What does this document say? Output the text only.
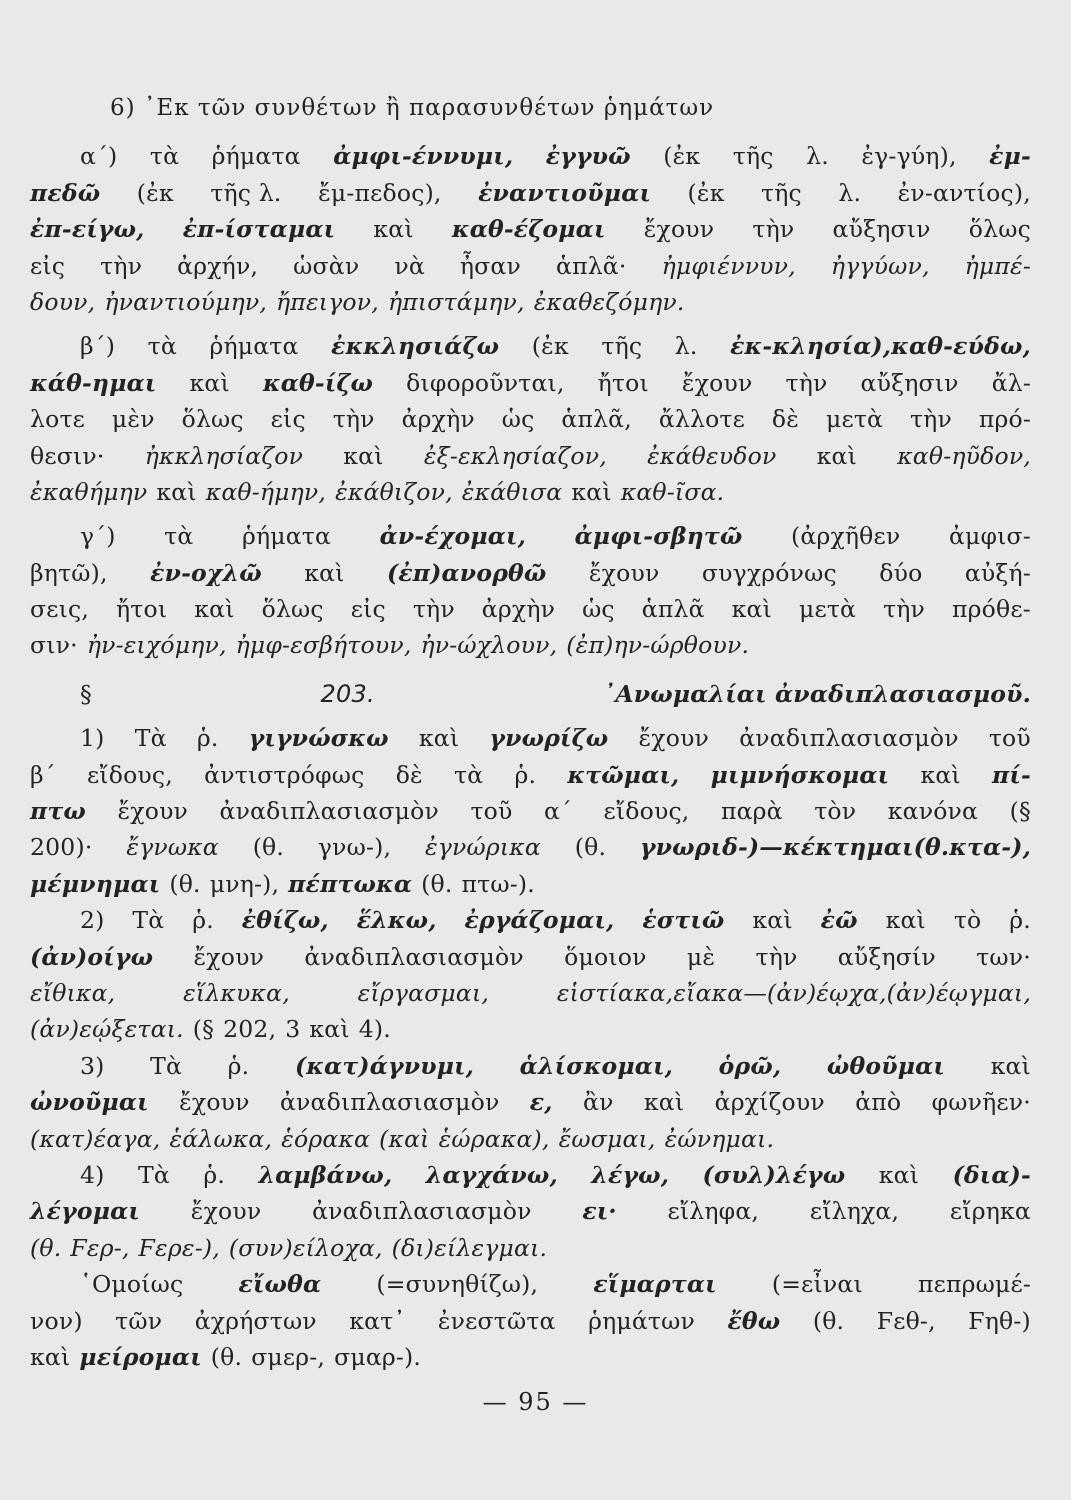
6) ᾽Εκ τῶν συνθέτων ἢ παρασυνθέτων ῥημάτων
α΄) τὰ ῥήματα ἀμφι-έννυμι, ἐγγυῶ (ἐκ τῆς λ. ἐγ-γύη), ἐμ-
πεδῶ (ἐκ τῆς λ. ἔμ-πεδος), ἐναντιοῦμαι (ἐκ τῆς λ. ἐν-αντίος),
ἐπ-είγω, ἐπ-ίσταμαι καὶ καθ-έζομαι ἔχουν τὴν αὔξησιν ὅλως
εἰς τὴν ἀρχήν, ὡσὰν νὰ ἦσαν ἁπλᾶ· ἠμφιέννυν, ἠγγύων, ἠμπέ-
δουν, ἠναντιούμην, ἤπειγον, ἠπιστάμην, ἐκαθεζόμην.
β΄) τὰ ῥήματα ἐκκλησιάζω (ἐκ τῆς λ. ἐκ-κλησία),καθ-εύδω,
κάθ-ημαι καὶ καθ-ίζω διφοροῦνται, ἤτοι ἔχουν τὴν αὔξησιν ἄλ-
λοτε μὲν ὅλως εἰς τὴν ἀρχὴν ὡς ἁπλᾶ, ἄλλοτε δὲ μετὰ τὴν πρό-
θεσιν· ἠκκλησίαζον καὶ ἐξ-εκλησίαζον, ἐκάθευδον καὶ καθ-ηῦδον,
ἐκαθήμην καὶ καθ-ήμην, ἐκάθιζον, ἐκάθισα καὶ καθ-ῖσα.
γ΄) τὰ ῥήματα ἀν-έχομαι, ἀμφι-σβητῶ (ἀρχῆθεν ἀμφισ-
βητῶ), ἐν-οχλῶ καὶ (ἐπ)ανορθῶ ἔχουν συγχρόνως δύο αὐξή-
σεις, ἤτοι καὶ ὅλως εἰς τὴν ἀρχὴν ὡς ἁπλᾶ καὶ μετὰ τὴν πρόθε-
σιν· ἠν-ειχόμην, ἠμφ-εσβήτουν, ἠν-ώχλουν, (ἐπ)ην-ώρθουν.
§	203.	᾽Ανωμαλίαι ἀναδιπλασιασμοῦ.
1) Τὰ ῥ. γιγνώσκω καὶ γνωρίζω ἔχουν ἀναδιπλασιασμὸν τοῦ
β΄ εἴδους, ἀντιστρόφως δὲ τὰ ῥ. κτῶμαι, μιμνήσκομαι καὶ πί-
πτω ἔχουν ἀναδιπλασιασμὸν τοῦ α΄ εἴδους, παρὰ τὸν κανόνα (§
200)· ἔγνωκα (θ. γνω-), ἐγνώρικα (θ. γνωριδ-)—κέκτημαι(θ.κτα-),
μέμνημαι (θ. μνη-), πέπτωκα (θ. πτω-).
2) Τὰ ῥ. ἐθίζω, ἕλκω, ἐργάζομαι, ἑστιῶ καὶ ἐῶ καὶ τὸ ῥ.
(ἀν)οίγω ἔχουν ἀναδιπλασιασμὸν ὅμοιον μὲ τὴν αὔξησίν των·
εἴθικα,	εἵλκυκα,	εἴργασμαι,	εἱστίακα,εἴακα—(ἀν)έῳχα,(ἀν)έῳγμαι,
(ἀν)εῴξεται. (§ 202, 3 καὶ 4).
3) Τὰ ῥ. (κατ)άγνυμι, ἁλίσκομαι, ὁρῶ, ὠθοῦμαι καὶ
ὠνοῦμαι ἔχουν ἀναδιπλασιασμὸν ε, ἂν καὶ ἀρχίζουν ἀπὸ φωνῆεν·
(κατ)έαγα, ἑάλωκα, ἑόρακα (καὶ ἑώρακα), ἔωσμαι, ἐώνημαι.
4) Τὰ ῥ. λαμβάνω, λαγχάνω, λέγω, (συλ)λέγω καὶ (δια)-
λέγομαι ἔχουν ἀναδιπλασιασμὸν ει· εἴληφα, εἴληχα, εἴρηκα
(θ. Ϝερ-, Ϝερε-), (συν)είλοχα, (δι)είλεγμαι.
῾Ομοίως εἴωθα (=συνηθίζω), εἵμαρται (=εἶναι πεπρωμέ-
νον) τῶν ἀχρήστων κατ᾽ ἐνεστῶτα ῥημάτων ἔθω (θ. Ϝεθ-, Ϝηθ-)
καὶ μείρομαι (θ. σμερ-, σμαρ-).
— 95 —
